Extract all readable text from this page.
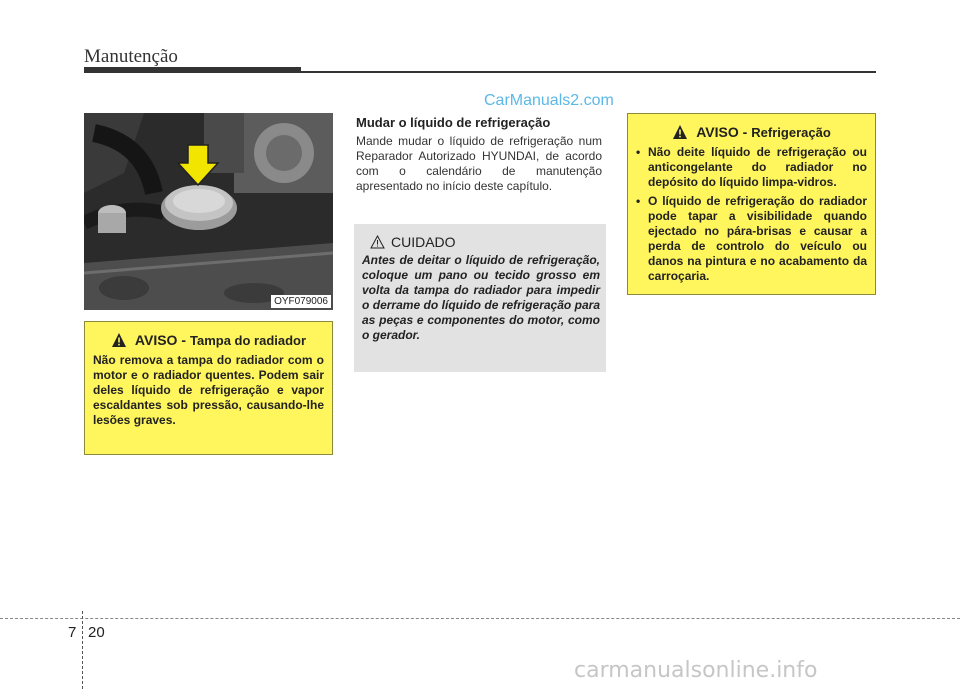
Manutenção
CarManuals2.com
OYF079006
AVISO - Tampa do radiador

Não remova a tampa do radiador com o motor e o radiador quentes. Podem sair deles líquido de refrigeração e vapor escaldantes sob pressão, causando-lhe lesões graves.

Mudar o líquido de refrigeração

Mande mudar o líquido de refrigeração num Reparador Autorizado HYUNDAI, de acordo com o calendário de manutenção apresentado no início deste capítulo.

CUIDADO

Antes de deitar o líquido de refrigeração, coloque um pano ou tecido grosso em volta da tampa do radiador para impedir o derrame do líquido de refrigeração para as peças e componentes do motor, como o gerador.

AVISO - Refrigeração
• Não deite líquido de refrigeração ou anticongelante do radiador no depósito do líquido limpa-vidros.
• O líquido de refrigeração do radiador pode tapar a visibilidade quando ejectado no pára-brisas e causar a perda de controlo do veículo ou danos na pintura e no acabamento da carroçaria.
7 20
carmanualsonline.info
